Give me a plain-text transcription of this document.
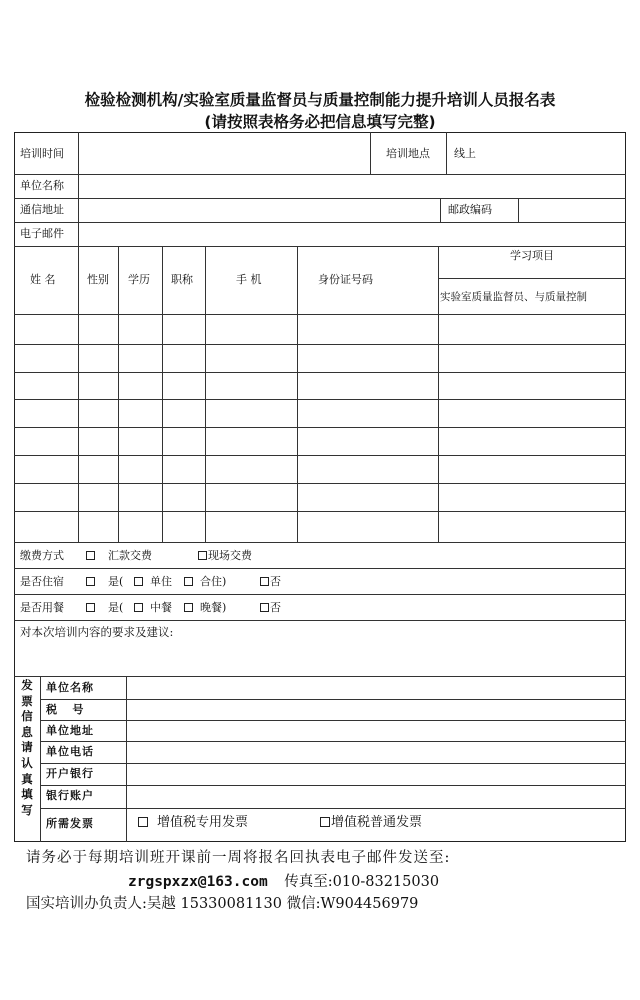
检验检测机构/实验室质量监督员与质量控制能力提升培训人员报名表
(请按照表格务必把信息填写完整)
培训时间	培训地点 线上
单位名称
通信地址	邮政编码
电子邮件
姓 名	性别 学历 职称	手 机	身份证号码
学习项目
实验室质量监督员、与质量控制
缴费方式	汇款交费	现场交费
是否住宿	是(	单住	合住)	否
是否用餐	是(	中餐	晚餐)	否
对本次培训内容的要求及建议:
发
票
信
息
请
认
真
填
写
单位名称
税    号
单位地址
单位电话
开户银行
银行账户
所需发票	增值税专用发票	增值税普通发票
请务必于每期培训班开课前一周将报名回执表电子邮件发送至:
zrgspxzx@163.com 传真至:010-83215030
国实培训办负责人:吴越 15330081130 微信:W904456979
